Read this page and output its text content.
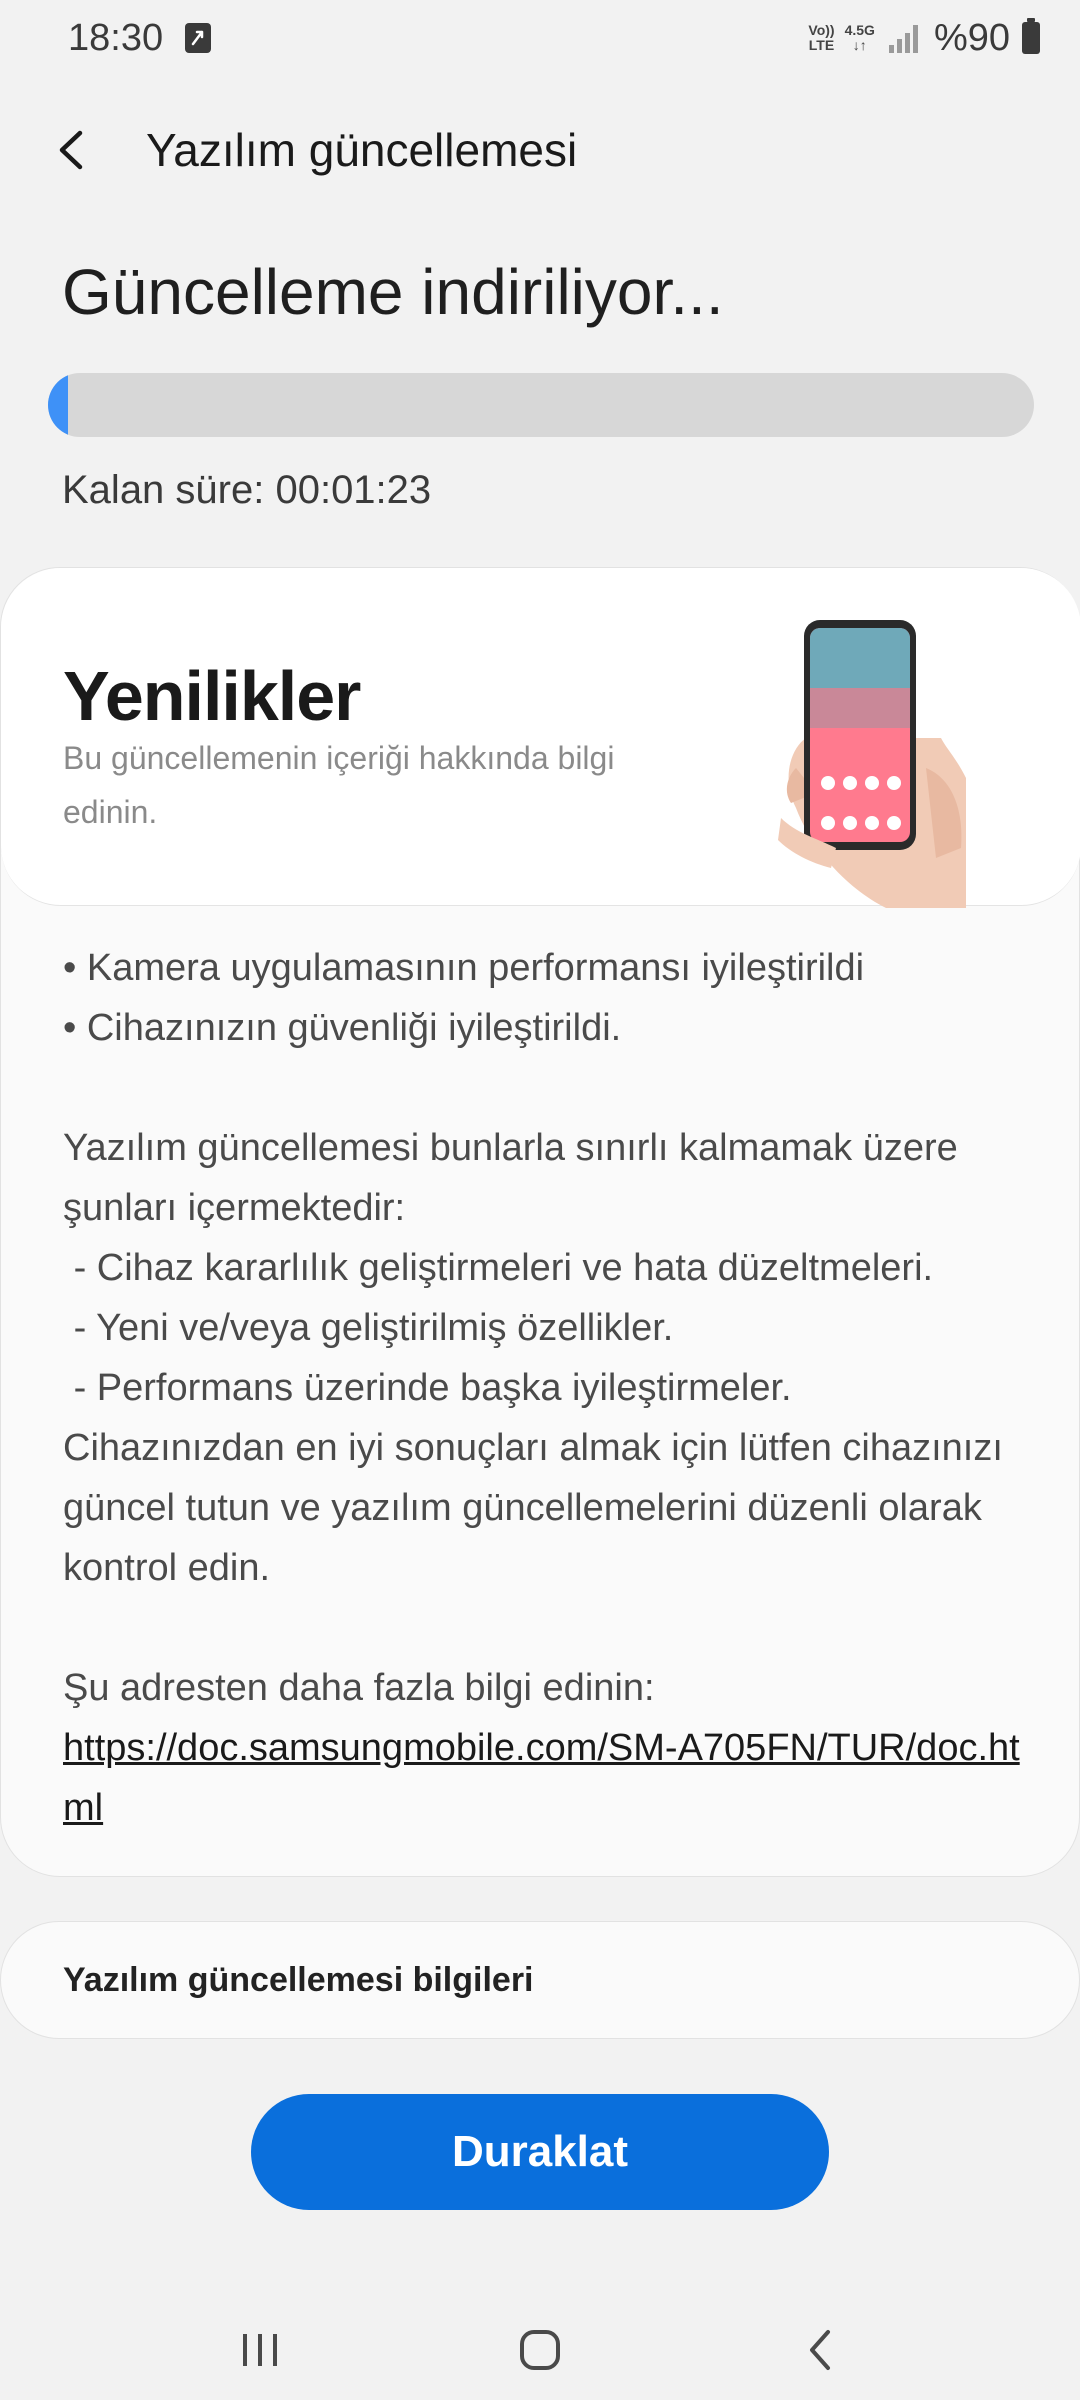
18:30	Vo))
LTE
4.5G
↓↑ %90
Yazılım güncellemesi
Güncelleme indiriliyor...
Kalan süre: 00:01:23
Yenilikler
Bu güncellemenin içeriği hakkında bilgi edinin.
• Kamera uygulamasının performansı iyileştirildi
• Cihazınızın güvenliği iyileştirildi.
Yazılım güncellemesi bunlarla sınırlı kalmamak üzere şunları içermektedir:
- Cihaz kararlılık geliştirmeleri ve hata düzeltmeleri.
- Yeni ve/veya geliştirilmiş özellikler.
- Performans üzerinde başka iyileştirmeler.
Cihazınızdan en iyi sonuçları almak için lütfen cihazınızı güncel tutun ve yazılım güncellemelerini düzenli olarak kontrol edin.
Şu adresten daha fazla bilgi edinin:
https://doc.samsungmobile.com/SM-A705FN/TUR/doc.html
Yazılım güncellemesi bilgileri
Duraklat
